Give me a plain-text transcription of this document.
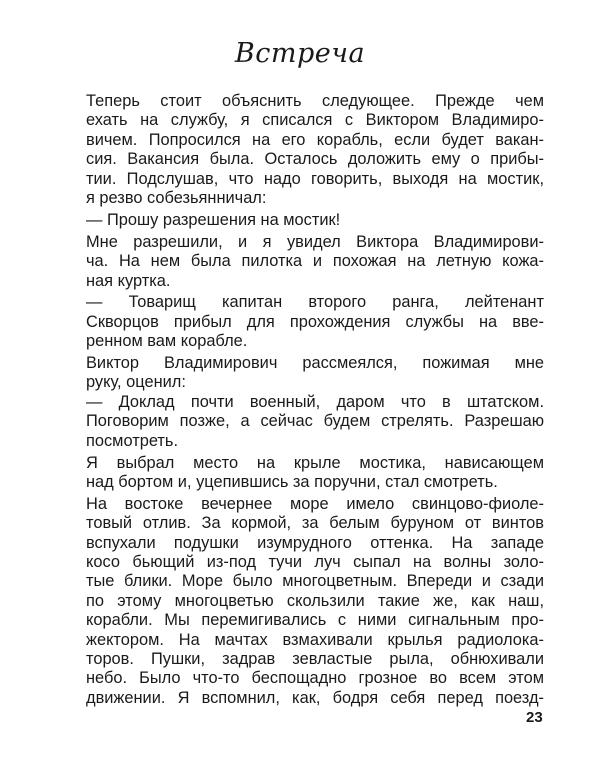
Встреча
Теперь стоит объяснить следующее. Прежде чем
ехать на службу, я списался с Виктором Владимиро-
вичем. Попросился на его корабль, если будет вакан-
сия. Вакансия была. Осталось доложить ему о прибы-
тии. Подслушав, что надо говорить, выходя на мостик,
я резво собезьянничал:
— Прошу разрешения на мостик!
Мне разрешили, и я увидел Виктора Владимирови-
ча. На нем была пилотка и похожая на летную кожа-
ная куртка.
— Товарищ капитан второго ранга, лейтенант
Скворцов прибыл для прохождения службы на вве-
ренном вам корабле.
Виктор Владимирович рассмеялся, пожимая мне
руку, оценил:
— Доклад почти военный, даром что в штатском.
Поговорим позже, а сейчас будем стрелять. Разрешаю
посмотреть.
Я выбрал место на крыле мостика, нависающем
над бортом и, уцепившись за поручни, стал смотреть.
На востоке вечернее море имело свинцово-фиоле-
товый отлив. За кормой, за белым буруном от винтов
вспухали подушки изумрудного оттенка. На западе
косо бьющий из-под тучи луч сыпал на волны золо-
тые блики. Море было многоцветным. Впереди и сзади
по этому многоцветью скользили такие же, как наш,
корабли. Мы перемигивались с ними сигнальным про-
жектором. На мачтах взмахивали крылья радиолока-
торов. Пушки, задрав зевластые рыла, обнюхивали
небо. Было что-то беспощадно грозное во всем этом
движении. Я вспомнил, как, бодря себя перед поезд-
23
